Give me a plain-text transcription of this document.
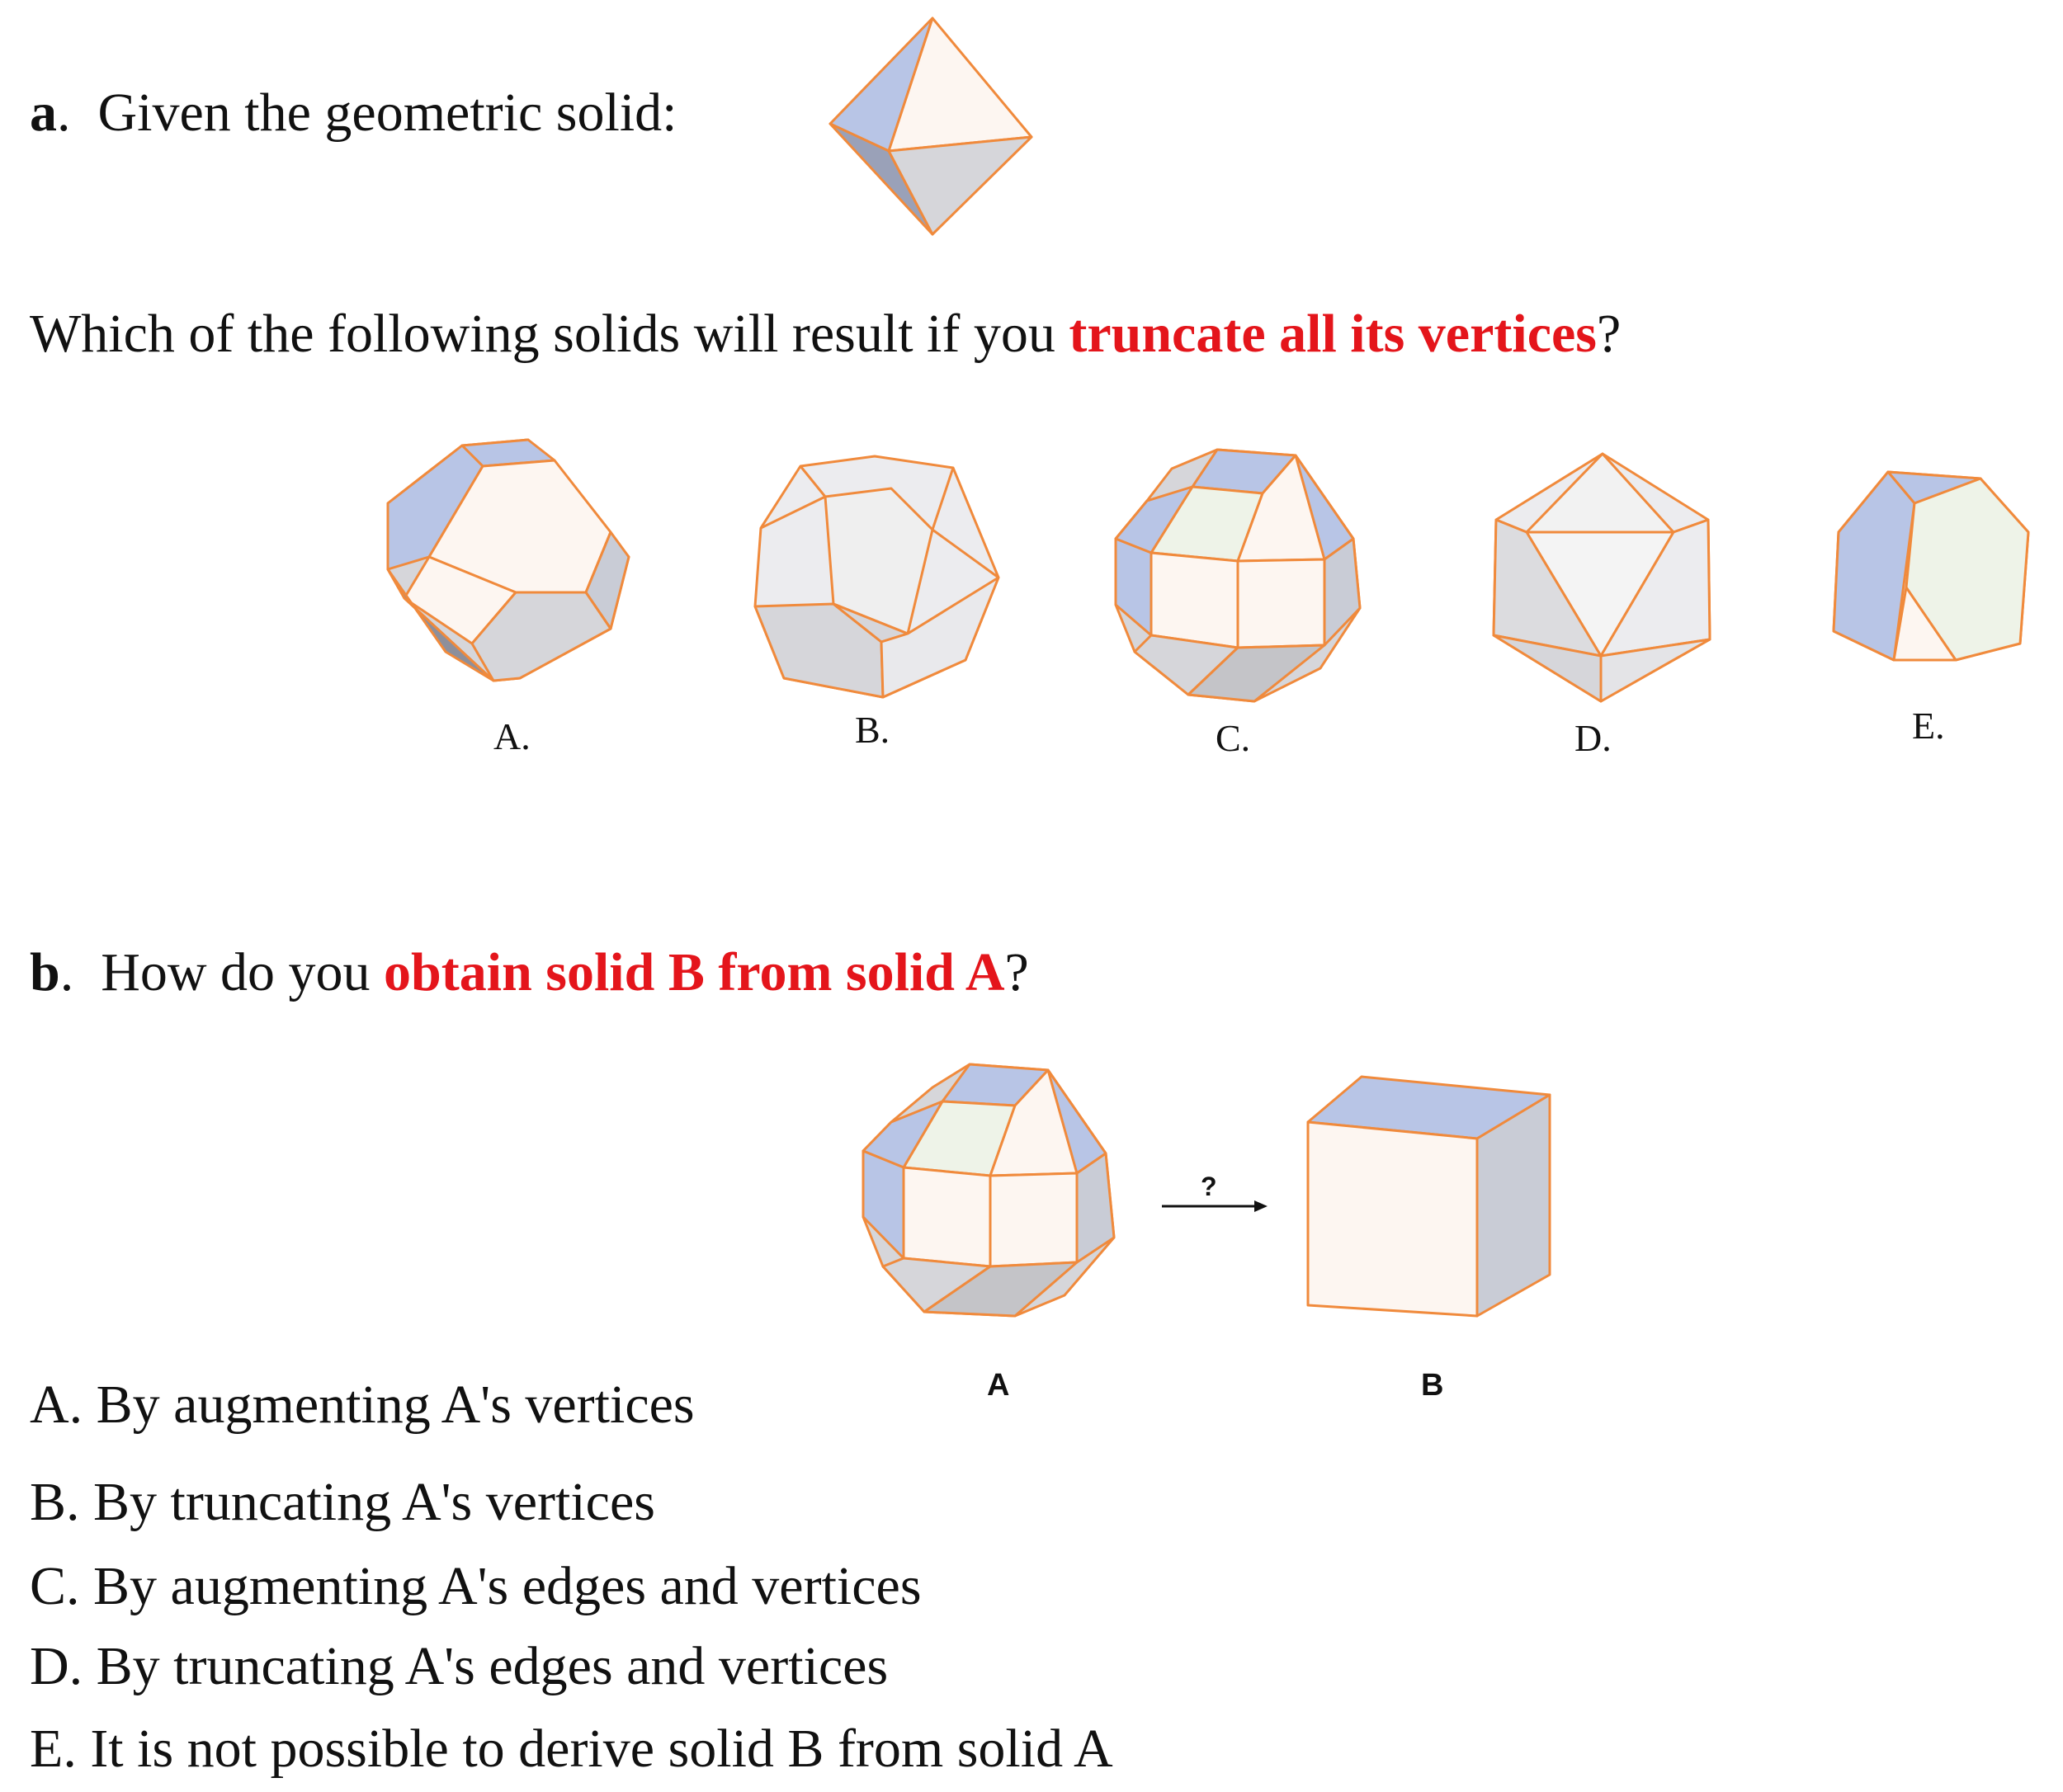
a.  Given the geometric solid:
Which of the following solids will result if you truncate all its vertices?
A.	B.	C.	D.	E.
b.  How do you obtain solid B from solid A?
?
A	B
A. By augmenting A's vertices
B. By truncating A's vertices
C. By augmenting A's edges and vertices
D. By truncating A's edges and vertices
E. It is not possible to derive solid B from solid A
